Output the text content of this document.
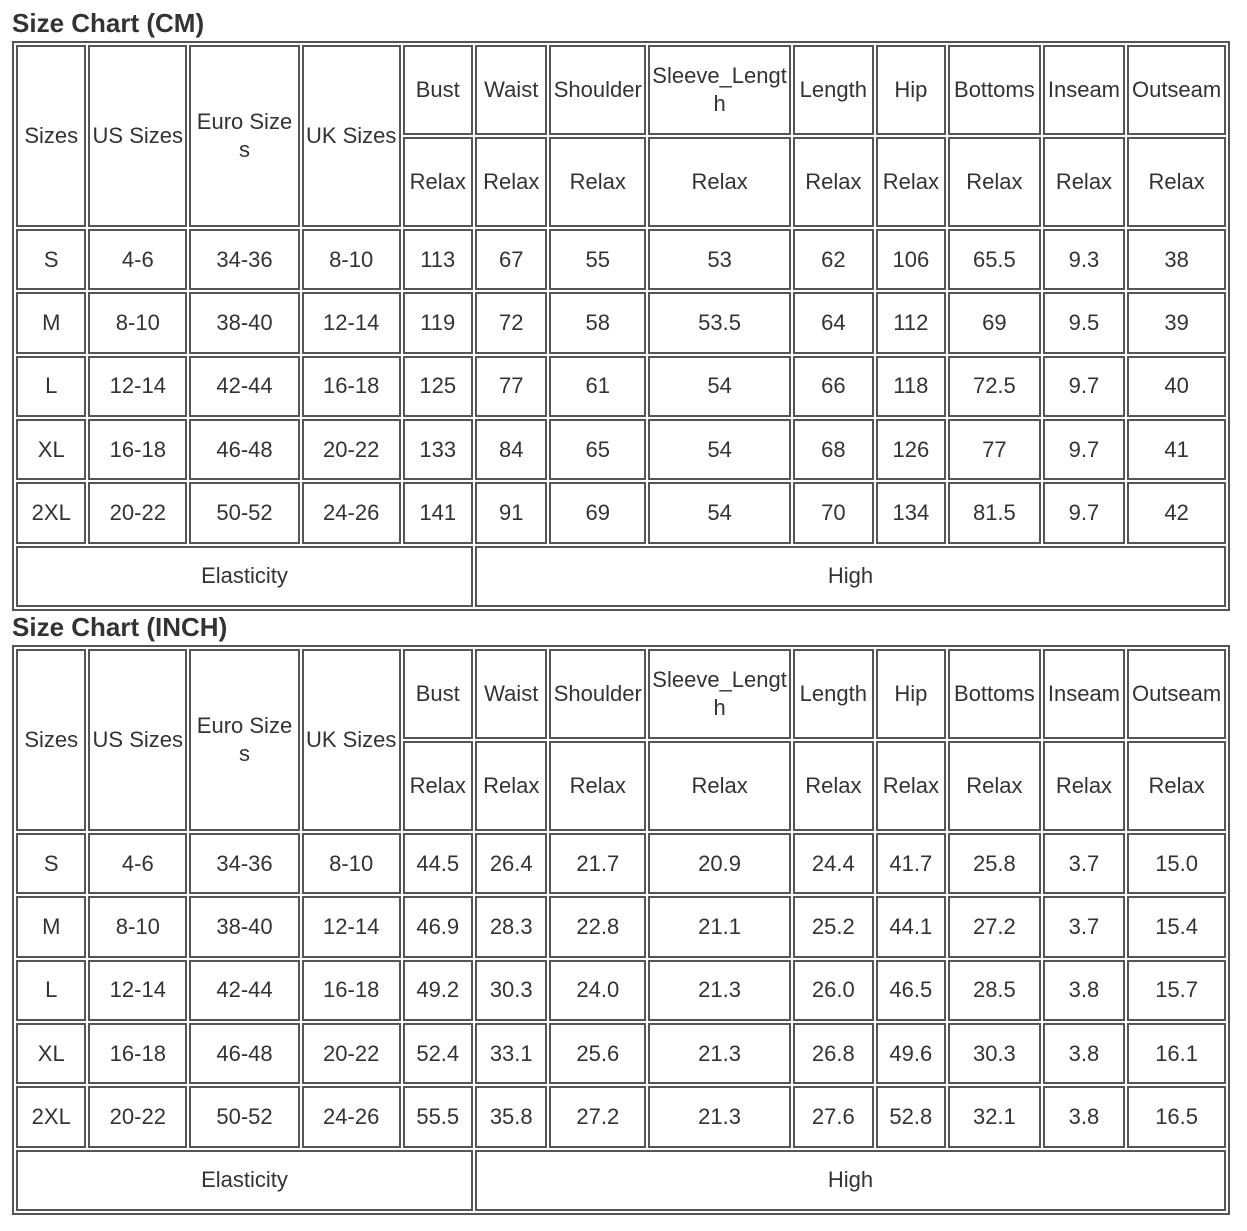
Size Chart (CM)
Sizes	US Sizes	Euro Sizes	UK Sizes	Bust	Waist	Shoulder	Sleeve_Length	Length	Hip	Bottoms	Inseam	Outseam
				Relax	Relax	Relax	Relax	Relax	Relax	Relax	Relax	Relax
S	4-6	34-36	8-10	113	67	55	53	62	106	65.5	9.3	38
M	8-10	38-40	12-14	119	72	58	53.5	64	112	69	9.5	39
L	12-14	42-44	16-18	125	77	61	54	66	118	72.5	9.7	40
XL	16-18	46-48	20-22	133	84	65	54	68	126	77	9.7	41
2XL	20-22	50-52	24-26	141	91	69	54	70	134	81.5	9.7	42
Elasticity					High							
Size Chart (INCH)
Sizes	US Sizes	Euro Sizes	UK Sizes	Bust	Waist	Shoulder	Sleeve_Length	Length	Hip	Bottoms	Inseam	Outseam
				Relax	Relax	Relax	Relax	Relax	Relax	Relax	Relax	Relax
S	4-6	34-36	8-10	44.5	26.4	21.7	20.9	24.4	41.7	25.8	3.7	15.0
M	8-10	38-40	12-14	46.9	28.3	22.8	21.1	25.2	44.1	27.2	3.7	15.4
L	12-14	42-44	16-18	49.2	30.3	24.0	21.3	26.0	46.5	28.5	3.8	15.7
XL	16-18	46-48	20-22	52.4	33.1	25.6	21.3	26.8	49.6	30.3	3.8	16.1
2XL	20-22	50-52	24-26	55.5	35.8	27.2	21.3	27.6	52.8	32.1	3.8	16.5
Elasticity					High							
